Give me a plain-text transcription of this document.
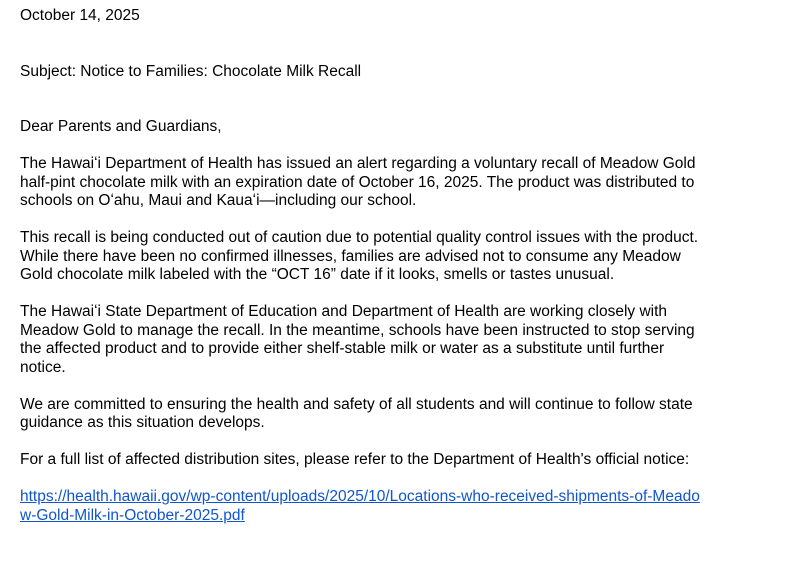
October 14, 2025
Subject: Notice to Families: Chocolate Milk Recall
Dear Parents and Guardians,

The Hawaiʻi Department of Health has issued an alert regarding a voluntary recall of Meadow Gold
half-pint chocolate milk with an expiration date of October 16, 2025. The product was distributed to
schools on Oʻahu, Maui and Kauaʻi—including our school.

This recall is being conducted out of caution due to potential quality control issues with the product.
While there have been no confirmed illnesses, families are advised not to consume any Meadow
Gold chocolate milk labeled with the “OCT 16” date if it looks, smells or tastes unusual.

The Hawaiʻi State Department of Education and Department of Health are working closely with
Meadow Gold to manage the recall. In the meantime, schools have been instructed to stop serving
the affected product and to provide either shelf-stable milk or water as a substitute until further
notice.

We are committed to ensuring the health and safety of all students and will continue to follow state
guidance as this situation develops.

For a full list of affected distribution sites, please refer to the Department of Health's official notice:

https://health.hawaii.gov/wp-content/uploads/2025/10/Locations-who-received-shipments-of-Meado
w-Gold-Milk-in-October-2025.pdf
